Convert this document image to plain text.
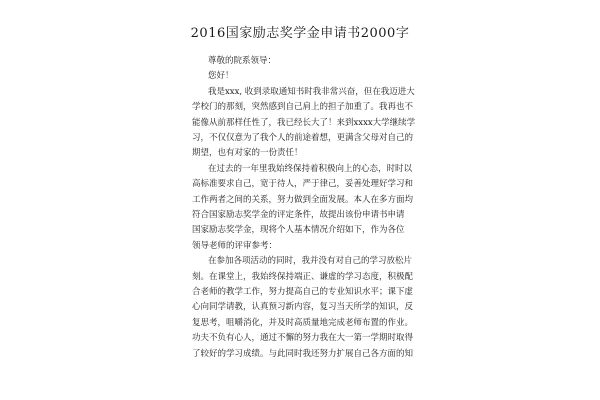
2016国家励志奖学金申请书2000字
尊敬的院系领导：
您好！
我是xxx, 收到录取通知书时我非常兴奋，但在我迈进大
学校门的那刻，突然感到自己肩上的担子加重了。我再也不
能像从前那样任性了，我已经长大了！来到xxxx大学继续学
习，不仅仅意为了我个人的前途着想，更满含父母对自己的
期望，也有对家的一份责任！
在过去的一年里我始终保持着积极向上的心态，时时以
高标准要求自己，宽于待人，严于律己，妥善处理好学习和
工作两者之间的关系，努力做到全面发展。本人在多方面均
符合国家励志奖学金的评定条件，故提出该份申请书申请
国家励志奖学金，现将个人基本情况介绍如下，作为各位
领导老师的评审参考：
在参加各项活动的同时，我并没有对自己的学习放松片
刻。在课堂上，我始终保持端正、谦虚的学习态度，积极配
合老师的教学工作，努力提高自己的专业知识水平；课下虚
心向同学请教，认真预习新内容，复习当天所学的知识，反
复思考，咀嚼消化，并及时高质量地完成老师布置的作业。
功夫不负有心人，通过不懈的努力我在大一第一学期时取得
了较好的学习成绩。与此同时我还努力扩展自己各方面的知
